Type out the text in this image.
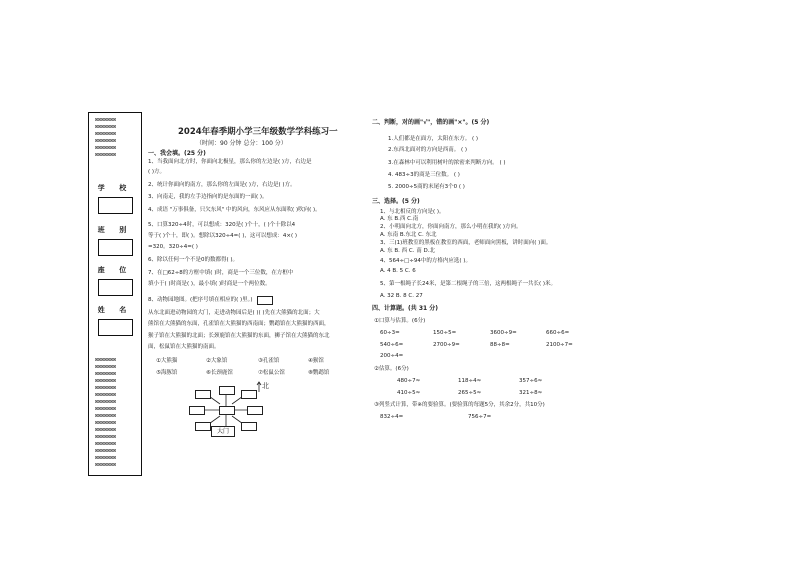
⊠⊠⊠⊠⊠⊠⊠
⊠⊠⊠⊠⊠⊠⊠
⊠⊠⊠⊠⊠⊠⊠
⊠⊠⊠⊠⊠⊠⊠
⊠⊠⊠⊠⊠⊠⊠
⊠⊠⊠⊠⊠⊠⊠
学 校
班 别
座 位
姓 名
⊠⊠⊠⊠⊠⊠⊠
⊠⊠⊠⊠⊠⊠⊠
⊠⊠⊠⊠⊠⊠⊠
⊠⊠⊠⊠⊠⊠⊠
⊠⊠⊠⊠⊠⊠⊠
⊠⊠⊠⊠⊠⊠⊠
⊠⊠⊠⊠⊠⊠⊠
⊠⊠⊠⊠⊠⊠⊠
⊠⊠⊠⊠⊠⊠⊠
⊠⊠⊠⊠⊠⊠⊠
⊠⊠⊠⊠⊠⊠⊠
⊠⊠⊠⊠⊠⊠⊠
⊠⊠⊠⊠⊠⊠⊠
⊠⊠⊠⊠⊠⊠⊠
⊠⊠⊠⊠⊠⊠⊠
⊠⊠⊠⊠⊠⊠⊠
2024年春季期小学三年级数学学科练习一
（时间：90 分钟 总分：100 分）
一、我会填。(25 分)
1、当我面向北方时，你面向北极星，那么你的左边是( )方，右边是
( )方。
2、统计你面向的南方，那么你的左面是( )方，右边是( )方。
3、向南走，我的左手边指向的是东面的一面( )。
4、成语 "万事俱备，只欠东风" 中的风向，东风应从东面吹( )吹向( )。
5、口算320÷4时，可以想成：320是( )个十，( )个十除以4
等于( )个十，即( )。想除以320÷4=( )，这可以想成：4×( )
=320。320÷4=( )
6、除以任何一个不是0的数都得( )。
7、在□62÷8的方框中填( )时，商是一个三位数，在方框中
填小于( )时商是( )，最小填( )时商是一个两位数。
8、动物园地图。(把序号填在相应的( )里。)
从东北面进动物园的大门，走进动物园后是( )( )先在大熊猫的北面；大
熊馆在大熊猫的东面，孔雀馆在大熊猫的西南面；鹦鹉馆在大熊猫的西面，
猴子馆在大熊猫的北面；长颈鹿馆在大熊猫的东面，狮子馆在大熊猫的东北
面，松鼠馆在大熊猫的南面。
①大熊猫	②大象馆	③孔雀馆	④猴馆
⑤海豚馆	⑥长颈鹿馆	⑦松鼠公馆	⑧鹦鹉馆
大门
北
二、判断，对的画"√"，错的画"×"。(5 分)
1.人们都是在面方，太阳在东方。 ( )
2.东西北面对的方向是西南。 ( )
3.在森林中可以利用树叶的浓密来判断方向。 ( )
4. 483÷3的商是三位数。 ( )
5. 2000÷5商的末尾有3个0 ( )
三、选择。(5 分)
1、与北相反的方向是( )。
A. 东 B.西 C.南
2、小明面向北方，你面向南方，那么小明在我的( )方向。
A. 东南 B.东北 C. 东北
3、三(1)班教室的黑板在教室的西面，老师面向黑板，讲时面向( )面。
A. 东 B. 西 C. 南 D.北
4、564÷□÷94中的方格内应选( )。
A. 4 B. 5 C. 6
5、第一根绳子长24米，是第二根绳子的三倍，这两根绳子一共长( )米。
A. 32 B. 8 C. 27
四、计算题。(共 31 分)
①口算与估算。(6分)
60÷3=	150÷5=	3600÷9=	660÷6=
540÷6=	2700÷9=	88÷8=	2100÷7=
200÷4=
②估算。(6分)
480÷7≈	118÷4≈	357÷6≈
410÷5≈	265÷5≈	321÷8≈
③列竖式计算，带※的要验算。(要验算的每题5分，其余2分，共10分)
832÷4=	756÷7=
